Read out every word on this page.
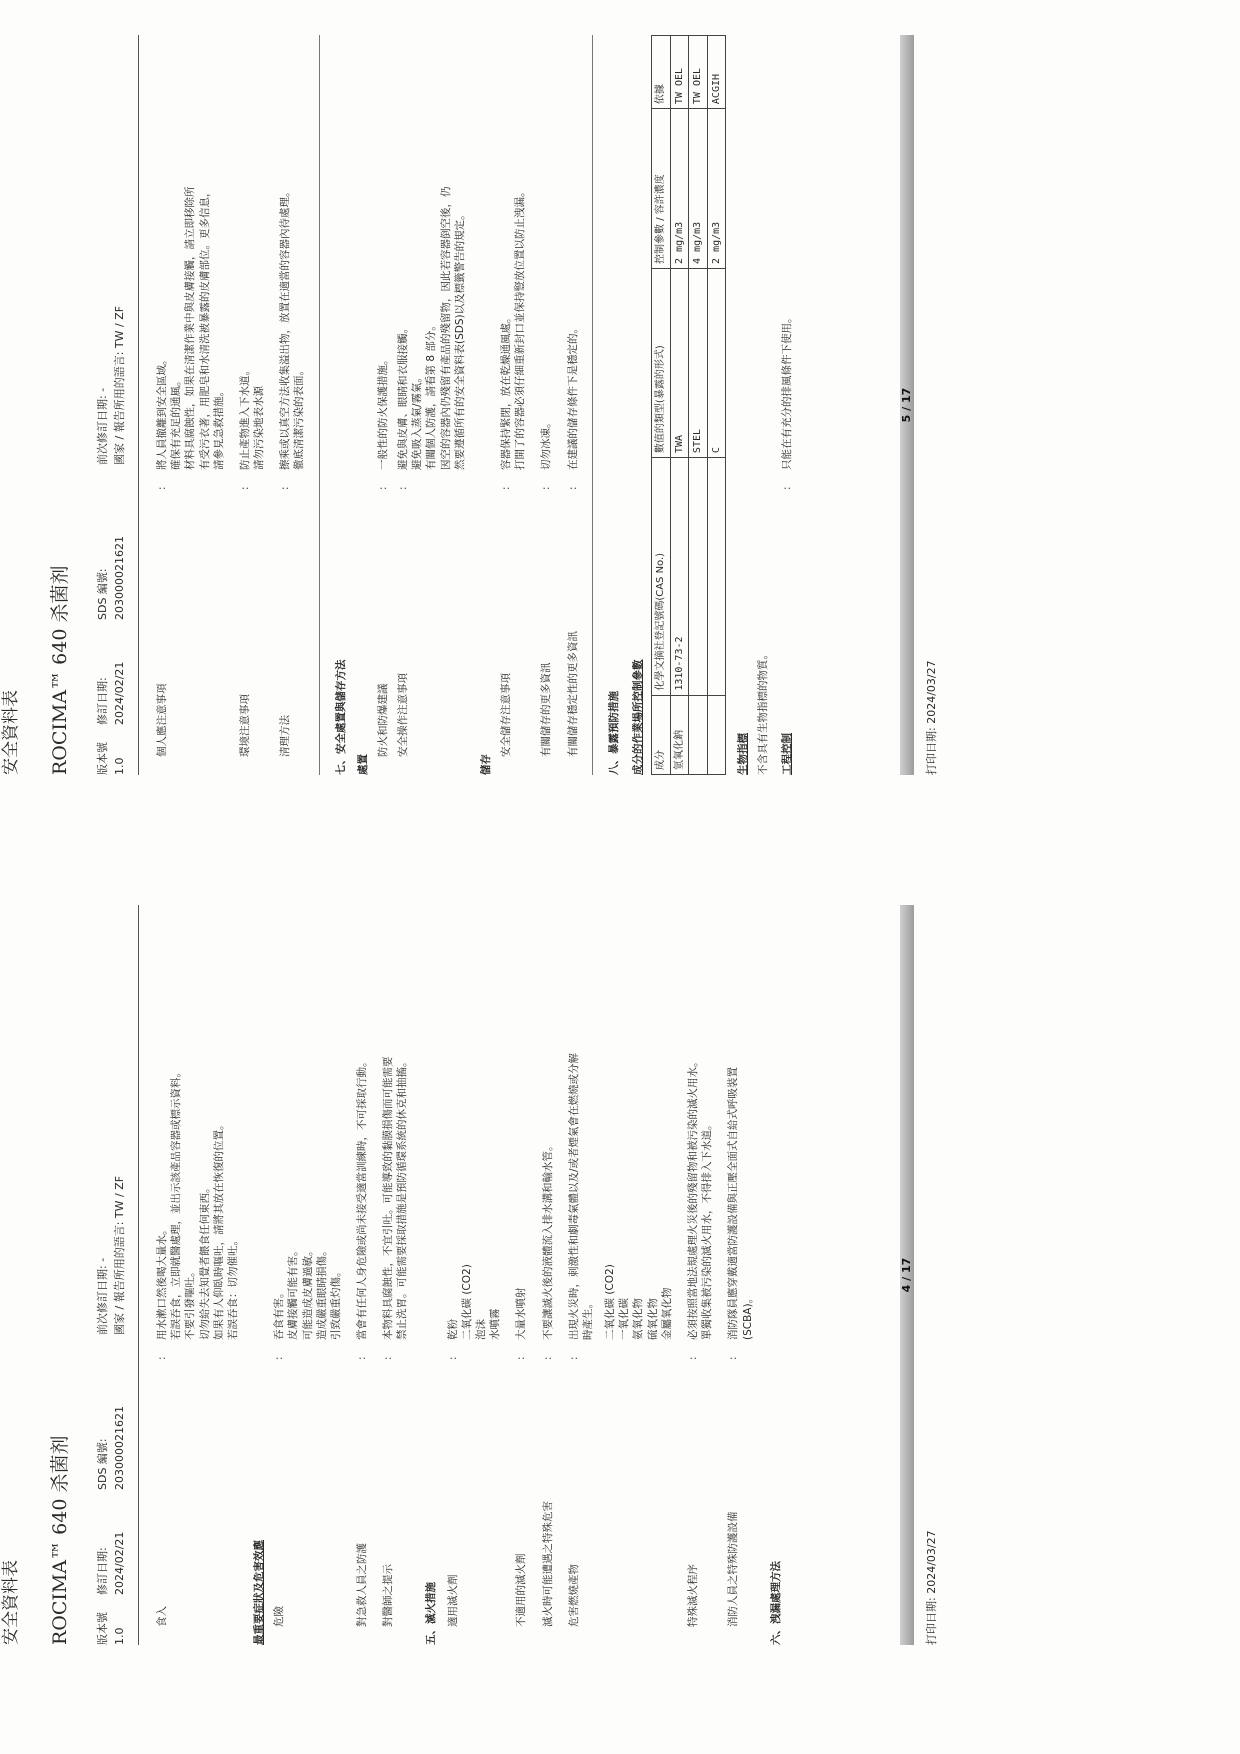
安全資料表 ROCIMA™ 640 杀菌剂 版本號 1.0
修訂日期: 2024/02/21
SDS 編號: 203000021621
前次修訂日期: - 國家 / 報告所用的語言: TW / ZF
食入
:
用水漱口然後喝大量水。 若誤吞食，立即就醫處理，並出示該產品容器或標示資料。 不要引發嘔吐。 切勿給失去知覺者餵食任何東西。 如果有人仰臥時嘔吐，請將其放在恢復的位置。 若誤吞食：切勿催吐。
最重要症狀及危害效應 危險
:
吞食有害。 皮膚接觸可能有害。 可能造成皮膚過敏。 造成嚴重眼睛損傷。 引致嚴重灼傷。
對急救人員之防護
:
當會有任何人身危險或尚未接受適當訓練時，不可採取行動。
對醫師之提示
:
本物料具腐蝕性，不宜引吐。可能導致的黏膜損傷而可能需要 禁止洗胃。可能需要採取措施是預防循環系統的休克和抽搐。
五、滅火措施 適用滅火劑
:
乾粉 二氧化碳 (CO2) 泡沫 水噴霧
不適用的滅火劑
:
大量水噴射
滅火時可能遭遇之特殊危害
:
不要讓滅火後的液體流入排水溝和輸水管。
危害燃燒產物
:
出現火災時，刺激性和劇毒氣體以及/或者煙氣會在燃燒或分解 時產生。 二氧化碳 (CO2) 一氧化碳 氨氧化物 硫氧化物 金屬氧化物
特殊滅火程序
:
必須按照當地法規處理火災後的殘留物和被污染的滅火用水。 單獨收集被污染的滅火用水，不得排入下水道。
消防人員之特殊防護設備
:
消防隊員應穿戴適當防護設備與正壓全面式自給式呼吸裝置 (SCBA)。
六、洩漏處理方法
4 / 17
打印日期: 2024/03/27
安全資料表 ROCIMA™ 640 杀菌剂 版本號 1.0
修訂日期: 2024/02/21
SDS 編號: 203000021621
前次修訂日期: - 國家 / 報告所用的語言: TW / ZF
個人應注意事項
:
將人員撤離到安全區域。 確保有充足的通風。 材料具腐蝕性，如果在清潔作業中與皮膚接觸，請立即移除所 有受污衣著，用肥皂和水清洗被暴露的皮膚部位。更多信息， 請參見急救措施。
環境注意事項
:
防止產物進入下水道。 請勿污染地表水源
清理方法
:
擦乘或以真空方法收集溢出物，放置在適當的容器內待處理。 徹底清潔污染的表面。
七、安全處置與儲存方法 處置
防火和防爆建議
:
一般性的防火保護措施。
安全操作注意事項
:
避免與皮膚、眼睛和衣服接觸。 避免吸入蒸氣/霧氣。 有關個人防護，請看第 8 部分。 因空的容器內仍殘留有產品的殘留物，因此若容器倒空後，仍 然要遵循所有的安全資料表(SDS)以及標籤警告的規定。
儲存
安全儲存注意事項
:
容器保持緊閉，放在乾燥通風處。 打開了的容器必須仔細重新封口並保持豎放位置以防止洩漏。
有關儲存的更多資訊
:
切勿冰凍。
有關儲存穩定性的更多資訊
:
在建議的儲存條件下是穩定的。
八、暴露預防措施 成分的作業場所控制參數 成分	化學文摘社登記號碼(CAS No.)	數值的類型(暴露的形式)	控制參數 / 容許濃度	依據
氫氧化鈉	1310-73-2	TWA	2 mg/m3	TW OEL
		STEL	4 mg/m3	TW OEL
		C	2 mg/m3	ACGIH
生物指標 不含具有生物指標的物質。 工程控制
:
只能在有充分的排風條件下使用。	5 / 17
打印日期: 2024/03/27
